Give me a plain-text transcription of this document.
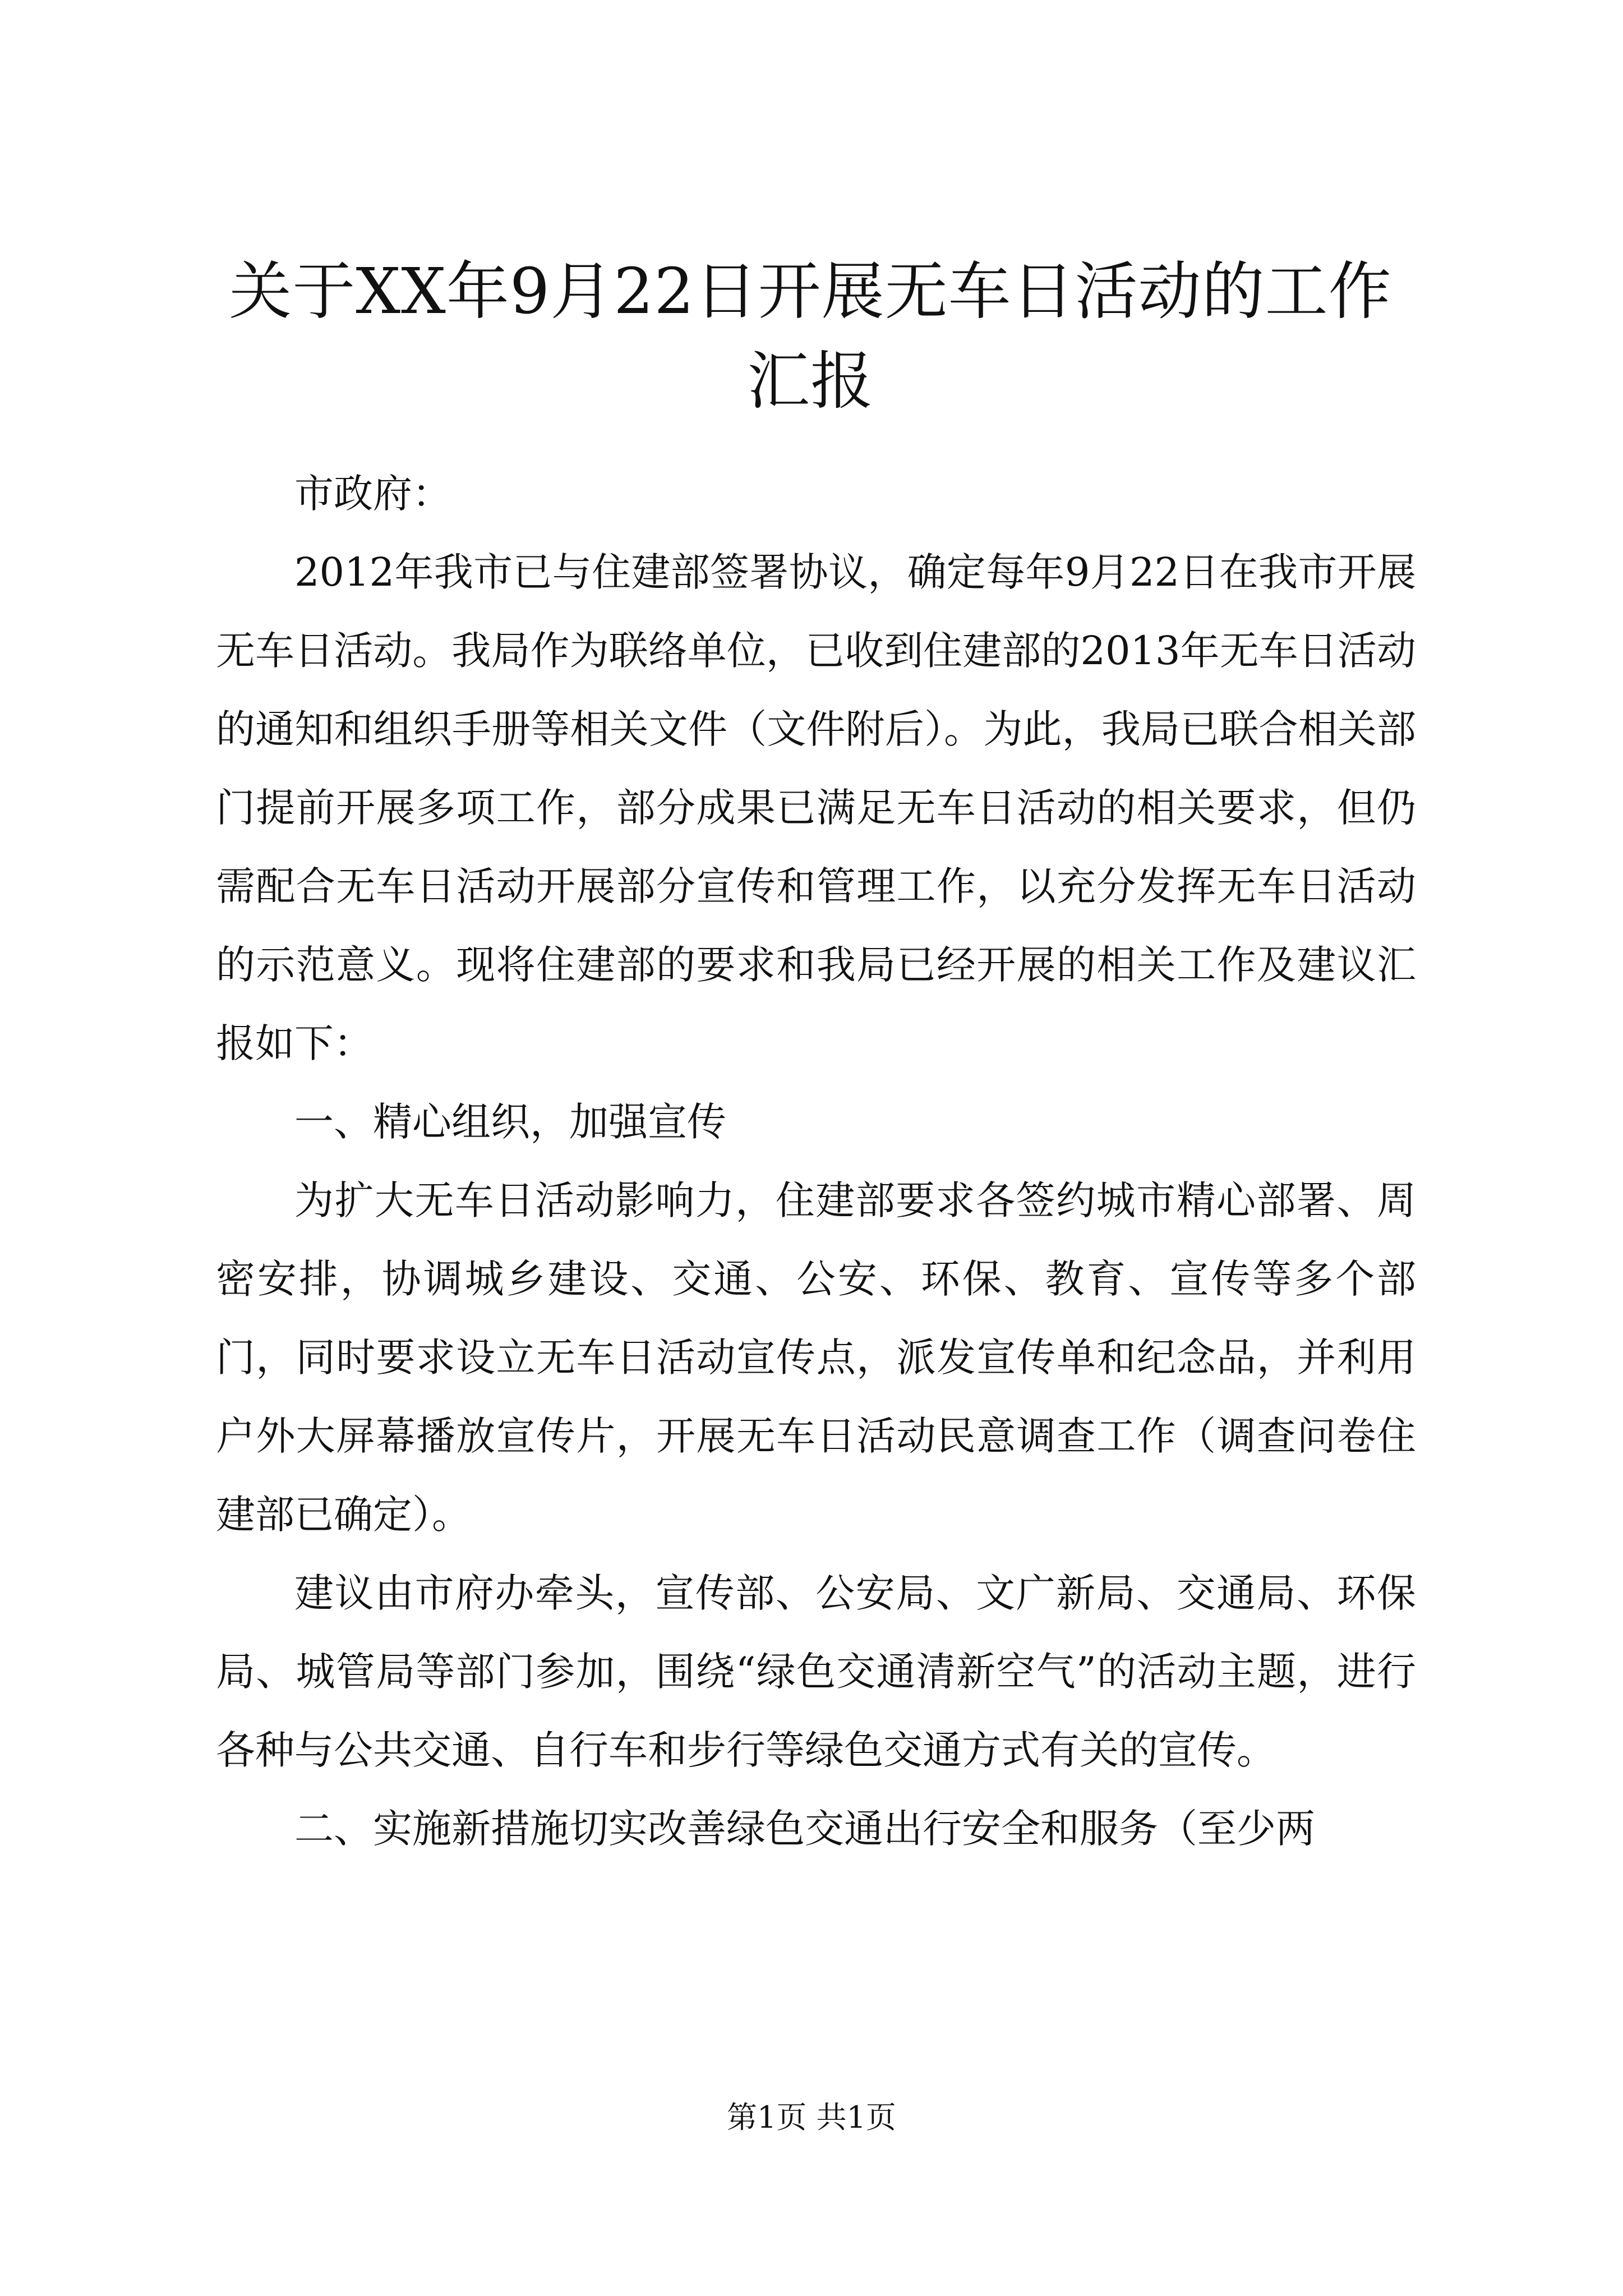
关于XX年9月22日开展无车日活动的工作汇报

市政府：

2012年我市已与住建部签署协议，确定每年9月22日在我市开展无车日活动。我局作为联络单位，已收到住建部的2013年无车日活动的通知和组织手册等相关文件（文件附后）。为此，我局已联合相关部门提前开展多项工作，部分成果已满足无车日活动的相关要求，但仍需配合无车日活动开展部分宣传和管理工作，以充分发挥无车日活动的示范意义。现将住建部的要求和我局已经开展的相关工作及建议汇报如下：

一、精心组织，加强宣传

为扩大无车日活动影响力，住建部要求各签约城市精心部署、周密安排，协调城乡建设、交通、公安、环保、教育、宣传等多个部门，同时要求设立无车日活动宣传点，派发宣传单和纪念品，并利用户外大屏幕播放宣传片，开展无车日活动民意调查工作（调查问卷住建部已确定）。

建议由市府办牵头，宣传部、公安局、文广新局、交通局、环保局、城管局等部门参加，围绕“绿色交通清新空气”的活动主题，进行各种与公共交通、自行车和步行等绿色交通方式有关的宣传。

二、实施新措施切实改善绿色交通出行安全和服务（至少两

第1页 共1页
